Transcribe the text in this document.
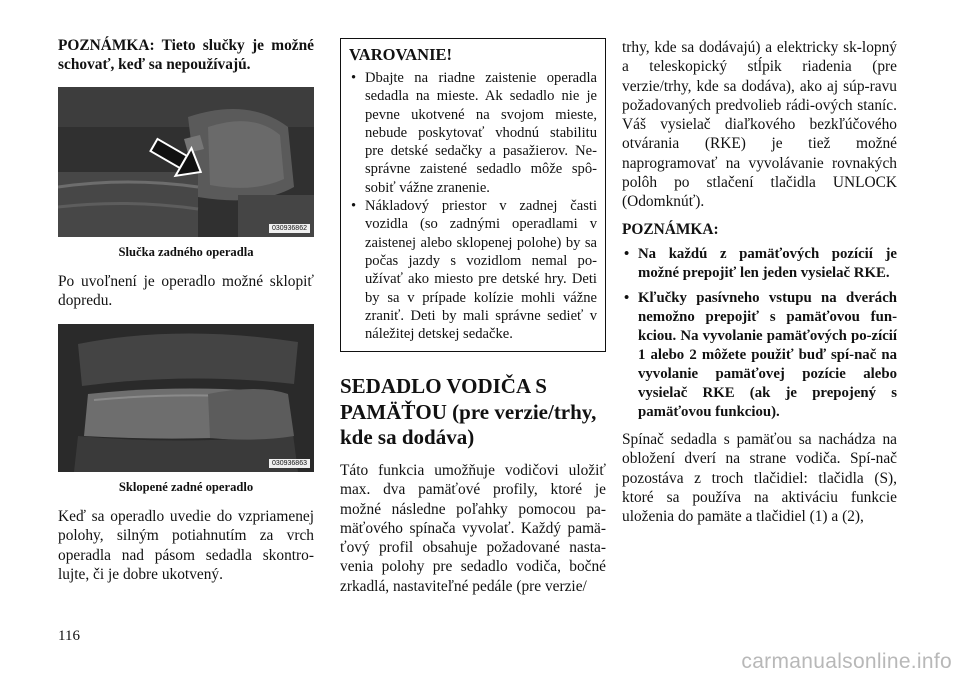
POZNÁMKA: Tieto slučky je možné schovať, keď sa nepoužívajú.

030936862

Slučka zadného operadla

Po uvoľnení je operadlo možné sklopiť dopredu.

030936863

Sklopené zadné operadlo

Keď sa operadlo uvedie do vzpriamenej polohy, silným potiahnutím za vrch operadla nad pásom sedadla skontro-lujte, či je dobre ukotvený.

VAROVANIE!
• Dbajte na riadne zaistenie operadla sedadla na mieste. Ak sedadlo nie je pevne ukotvené na svojom mieste, nebude poskytovať vhodnú stabilitu pre detské sedačky a pasažierov. Ne-správne zaistené sedadlo môže spô-sobiť vážne zranenie.
• Nákladový priestor v zadnej časti vozidla (so zadnými operadlami v zaistenej alebo sklopenej polohe) by sa počas jazdy s vozidlom nemal po-užívať ako miesto pre detské hry. Deti by sa v prípade kolízie mohli vážne zraniť. Deti by mali správne sedieť v náležitej detskej sedačke.
SEDADLO VODIČA S PAMÄŤOU (pre verzie/trhy, kde sa dodáva)

Táto funkcia umožňuje vodičovi uložiť max. dva pamäťové profily, ktoré je možné následne poľahky pomocou pa-mäťového spínača vyvolať. Každý pamä-ťový profil obsahuje požadované nasta-venia polohy pre sedadlo vodiča, bočné zrkadlá, nastaviteľné pedále (pre verzie/

trhy, kde sa dodávajú) a elektricky sk-lopný a teleskopický stĺpik riadenia (pre verzie/trhy, kde sa dodáva), ako aj súp-ravu požadovaných predvolieb rádi-ových staníc. Váš vysielač diaľkového bezkľúčového otvárania (RKE) je tiež možné naprogramovať na vyvolávanie rovnakých polôh po stlačení tlačidla UNLOCK (Odomknúť).

POZNÁMKA:

• Na každú z pamäťových pozícií je možné prepojiť len jeden vysielač RKE.
• Kľučky pasívneho vstupu na dverách nemožno prepojiť s pamäťovou fun-kciou. Na vyvolanie pamäťových po-zícií 1 alebo 2 môžete použiť buď spí-nač na vyvolanie pamäťovej pozície alebo vysielač RKE (ak je prepojený s pamäťovou funkciou).

Spínač sedadla s pamäťou sa nachádza na obložení dverí na strane vodiča. Spí-nač pozostáva z troch tlačidiel: tlačidla (S), ktoré sa používa na aktiváciu funkcie uloženia do pamäte a tlačidiel (1) a (2),

116
carmanualsonline.info
